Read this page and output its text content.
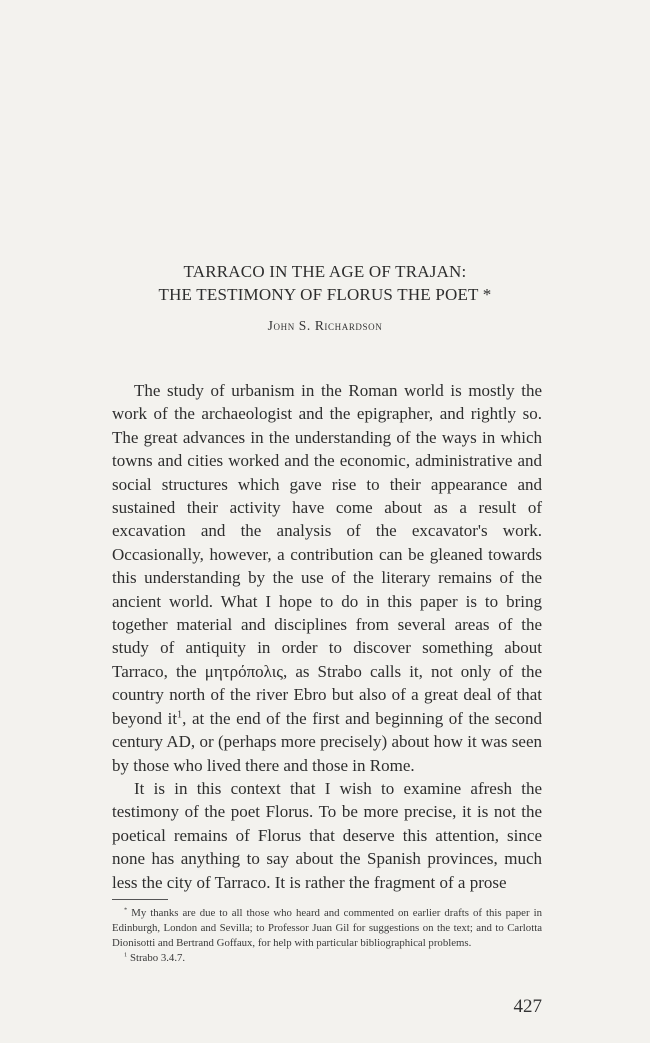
TARRACO IN THE AGE OF TRAJAN:
THE TESTIMONY OF FLORUS THE POET *
John S. Richardson

The study of urbanism in the Roman world is mostly the work of the archaeologist and the epigrapher, and rightly so. The great advances in the understanding of the ways in which towns and cities worked and the economic, administrative and social structures which gave rise to their appearance and sustained their activity have come about as a result of excavation and the analysis of the excavator's work. Occasionally, however, a contribution can be gleaned towards this understanding by the use of the literary remains of the ancient world. What I hope to do in this paper is to bring together material and disciplines from several areas of the study of antiquity in order to discover something about Tarraco, the μητρόπολις, as Strabo calls it, not only of the country north of the river Ebro but also of a great deal of that beyond $it^1$, at the end of the first and beginning of the second century AD, or (perhaps more precisely) about how it was seen by those who lived there and those in Rome.

It is in this context that I wish to examine afresh the testimony of the poet Florus. To be more precise, it is not the poetical remains of Florus that deserve this attention, since none has anything to say about the Spanish provinces, much less the city of Tarraco. It is rather the fragment of a prose

* My thanks are due to all those who heard and commented on earlier drafts of this paper in Edinburgh, London and Sevilla; to Professor Juan Gil for suggestions on the text; and to Carlotta Dionisotti and Bertrand Goffaux, for help with particular bibliographical problems.

$^1$ Strabo 3.4.7.

427
